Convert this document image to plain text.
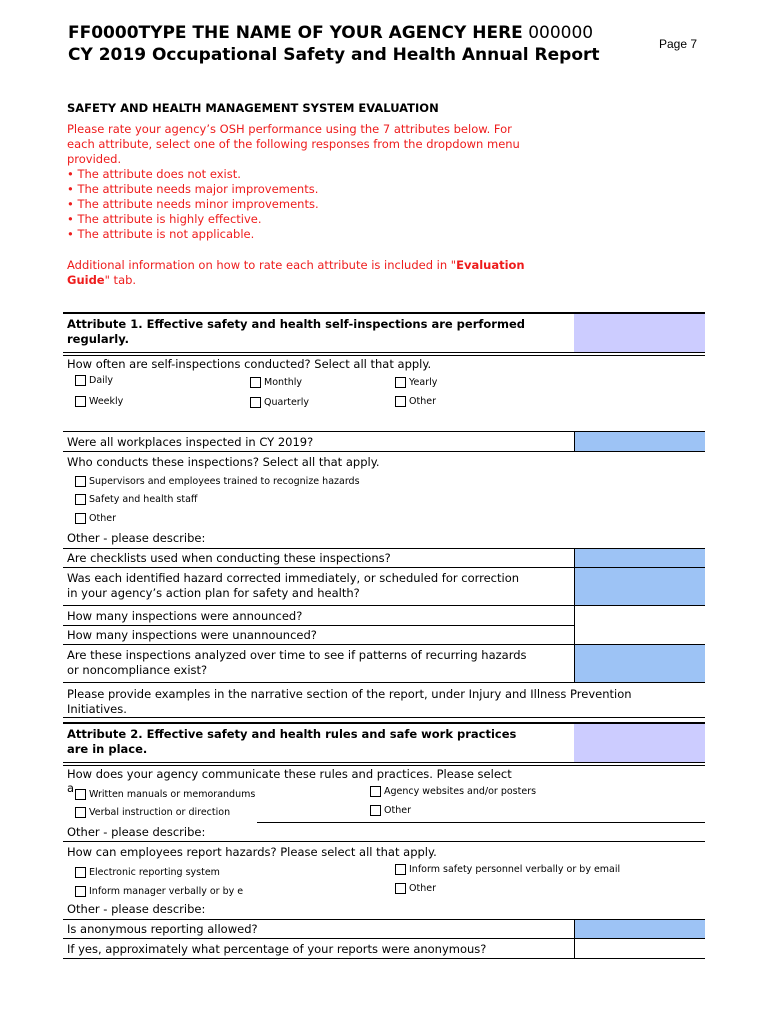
FF0000TYPE THE NAME OF YOUR AGENCY HERE 000000
CY 2019 Occupational Safety and Health Annual Report
Page 7
SAFETY AND HEALTH MANAGEMENT SYSTEM EVALUATION
Please rate your agency’s OSH performance using the 7 attributes below. For
each attribute, select one of the following responses from the dropdown menu
provided.
• The attribute does not exist.
• The attribute needs major improvements.
• The attribute needs minor improvements.
• The attribute is highly effective.
• The attribute is not applicable.
Additional information on how to rate each attribute is included in "Evaluation
Guide" tab.
Attribute 1. Effective safety and health self-inspections are performed
regularly.
How often are self-inspections conducted? Select all that apply.
Daily	Monthly	Yearly
Weekly	Quarterly	Other
Were all workplaces inspected in CY 2019?
Who conducts these inspections? Select all that apply.
Supervisors and employees trained to recognize hazards
Safety and health staff
Other
Other - please describe:
Are checklists used when conducting these inspections?
Was each identified hazard corrected immediately, or scheduled for correction
in your agency’s action plan for safety and health?
How many inspections were announced?
How many inspections were unannounced?
Are these inspections analyzed over time to see if patterns of recurring hazards
or noncompliance exist?
Please provide examples in the narrative section of the report, under Injury and Illness Prevention
Initiatives.
Attribute 2. Effective safety and health rules and safe work practices
are in place.
How does your agency communicate these rules and practices. Please select
a Written manuals or memorandums	Agency websites and/or posters
Verbal instruction or direction	Other
Other - please describe:
How can employees report hazards? Please select all that apply.
Electronic reporting system	Inform safety personnel verbally or by email
Inform manager verbally or by e	Other
Other - please describe:
Is anonymous reporting allowed?
If yes, approximately what percentage of your reports were anonymous?
